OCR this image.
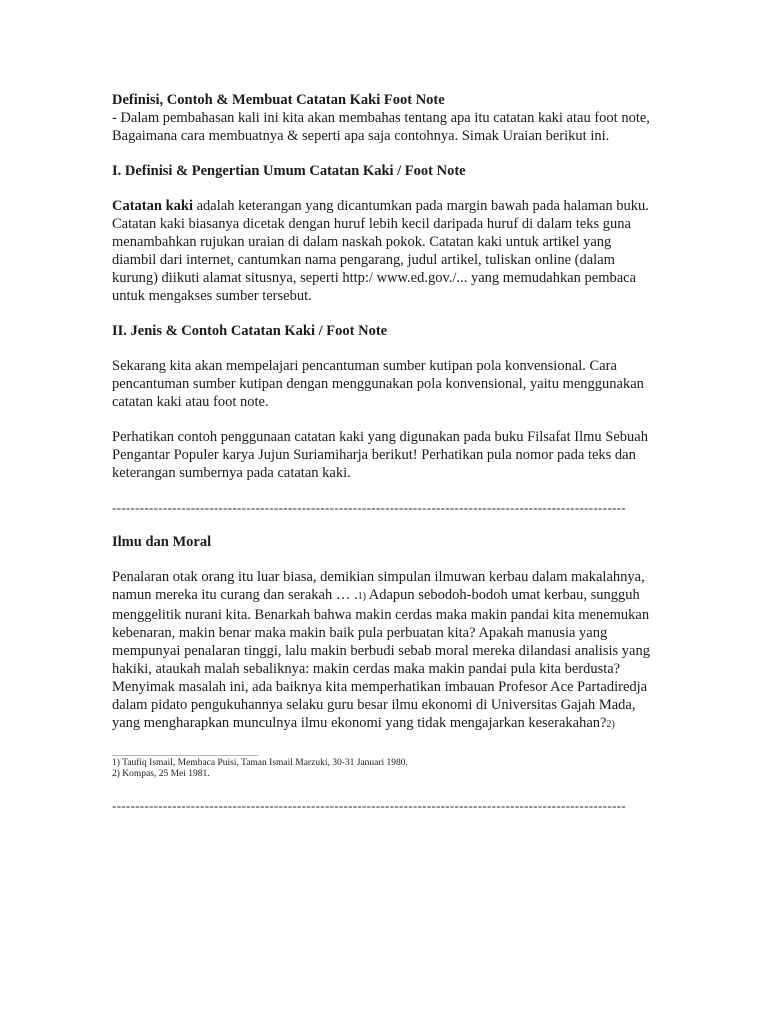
Definisi, Contoh & Membuat Catatan Kaki Foot Note

- Dalam pembahasan kali ini kita akan membahas tentang apa itu catatan kaki atau foot note, Bagaimana cara membuatnya & seperti apa saja contohnya. Simak Uraian berikut ini.

I. Definisi & Pengertian Umum Catatan Kaki / Foot Note

Catatan kaki adalah keterangan yang dicantumkan pada margin bawah pada halaman buku. Catatan kaki biasanya dicetak dengan huruf lebih kecil daripada huruf di dalam teks guna menambahkan rujukan uraian di dalam naskah pokok. Catatan kaki untuk artikel yang diambil dari internet, cantumkan nama pengarang, judul artikel, tuliskan online (dalam kurung) diikuti alamat situsnya, seperti http:/ www.ed.gov./... yang memudahkan pembaca untuk mengakses sumber tersebut.

II. Jenis & Contoh Catatan Kaki / Foot Note

Sekarang kita akan mempelajari pencantuman sumber kutipan pola konvensional. Cara pencantuman sumber kutipan dengan menggunakan pola konvensional, yaitu menggunakan catatan kaki atau foot note.

Perhatikan contoh penggunaan catatan kaki yang digunakan pada buku Filsafat Ilmu Sebuah Pengantar Populer karya Jujun Suriamiharja berikut! Perhatikan pula nomor pada teks dan keterangan sumbernya pada catatan kaki.

---------------------------------------------------------------------------------------------------------------

Ilmu dan Moral

Penalaran otak orang itu luar biasa, demikian simpulan ilmuwan kerbau dalam makalahnya, namun mereka itu curang dan serakah … .1) Adapun sebodoh-bodoh umat kerbau, sungguh menggelitik nurani kita. Benarkah bahwa makin cerdas maka makin pandai kita menemukan kebenaran, makin benar maka makin baik pula perbuatan kita? Apakah manusia yang mempunyai penalaran tinggi, lalu makin berbudi sebab moral mereka dilandasi analisis yang hakiki, ataukah malah sebaliknya: makin cerdas maka makin pandai pula kita berdusta? Menyimak masalah ini, ada baiknya kita memperhatikan imbauan Profesor Ace Partadiredja dalam pidato pengukuhannya selaku guru besar ilmu ekonomi di Universitas Gajah Mada, yang mengharapkan munculnya ilmu ekonomi yang tidak mengajarkan keserakahan?2)

.........................................................................

1) Taufiq Ismail, Membaca Puisi, Taman Ismail Marzuki, 30-31 Januari 1980.

2) Kompas, 25 Mei 1981.

---------------------------------------------------------------------------------------------------------------
